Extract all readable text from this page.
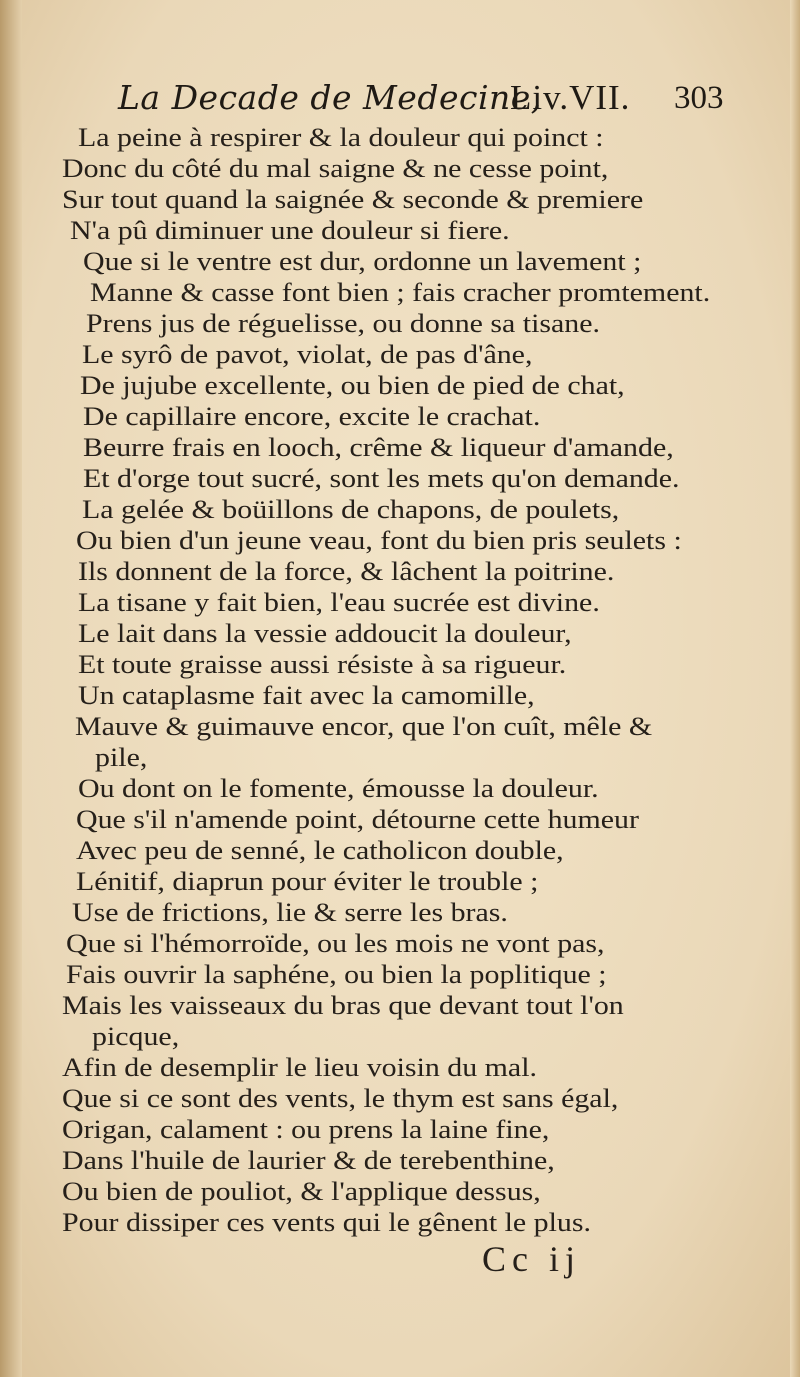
La Decade de Medecine,
Liv.VII. 303
La peine à respirer & la douleur qui poinct :
Donc du côté du mal saigne & ne cesse point,
Sur tout quand la saignée & seconde & premiere
N'a pû diminuer une douleur si fiere.
Que si le ventre est dur, ordonne un lavement ;
Manne & casse font bien ; fais cracher promtement.
Prens jus de réguelisse, ou donne sa tisane.
Le syrô de pavot, violat, de pas d'âne,
De jujube excellente, ou bien de pied de chat,
De capillaire encore, excite le crachat.
Beurre frais en looch, crême & liqueur d'amande,
Et d'orge tout sucré, sont les mets qu'on demande.
La gelée & boüillons de chapons, de poulets,
Ou bien d'un jeune veau, font du bien pris seulets :
Ils donnent de la force, & lâchent la poitrine.
La tisane y fait bien, l'eau sucrée est divine.
Le lait dans la vessie addoucit la douleur,
Et toute graisse aussi résiste à sa rigueur.
Un cataplasme fait avec la camomille,
Mauve & guimauve encor, que l'on cuît, mêle &
pile,
Ou dont on le fomente, émousse la douleur.
Que s'il n'amende point, détourne cette humeur
Avec peu de senné, le catholicon double,
Lénitif, diaprun pour éviter le trouble ;
Use de frictions, lie & serre les bras.
Que si l'hémorroïde, ou les mois ne vont pas,
Fais ouvrir la saphéne, ou bien la poplitique ;
Mais les vaisseaux du bras que devant tout l'on
picque,
Afin de desemplir le lieu voisin du mal.
Que si ce sont des vents, le thym est sans égal,
Origan, calament : ou prens la laine fine,
Dans l'huile de laurier & de terebenthine,
Ou bien de pouliot, & l'applique dessus,
Pour dissiper ces vents qui le gênent le plus.
Cc ij
